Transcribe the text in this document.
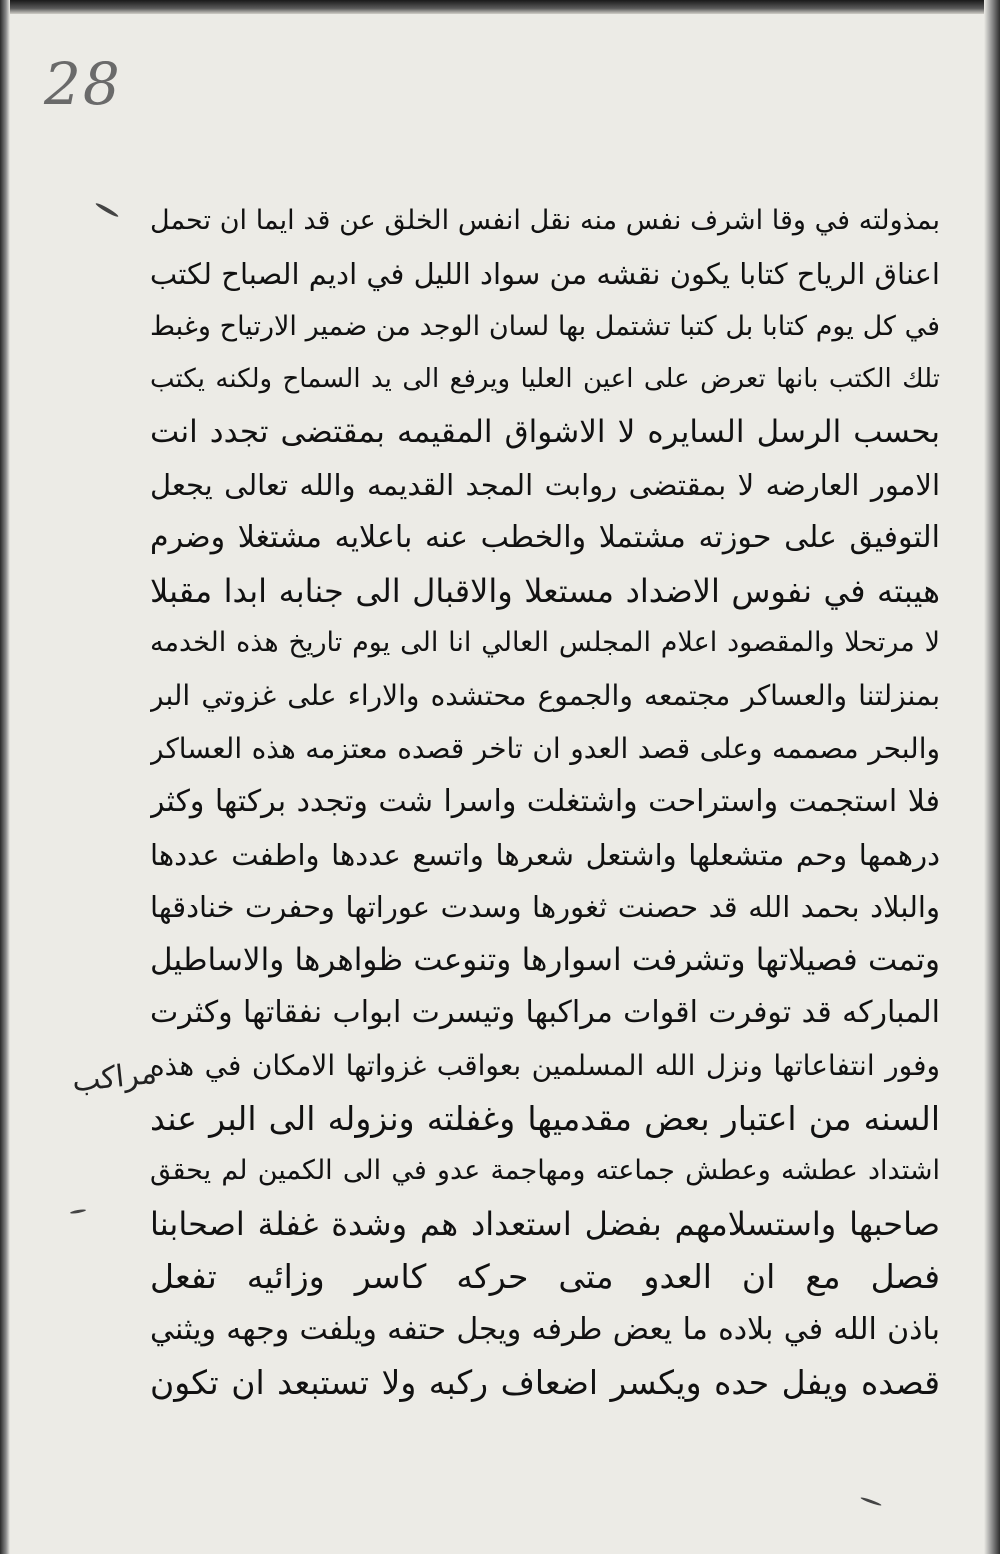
28
مراكب
بمذولته في وقا اشرف نفس منه نقل انفس الخلق عن قد ايما ان تحمل
اعناق الرياح كتابا يكون نقشه من سواد الليل في اديم الصباح لكتب
في كل يوم كتابا بل كتبا تشتمل بها لسان الوجد من ضمير الارتياح وغبط
تلك الكتب بانها تعرض على اعين العليا ويرفع الى يد السماح ولكنه يكتب
بحسب الرسل السايره لا الاشواق المقيمه بمقتضى تجدد انت
الامور العارضه لا بمقتضى روابت المجد القديمه والله تعالى يجعل
التوفيق على حوزته مشتملا والخطب عنه باعلايه مشتغلا وضرم
هيبته في نفوس الاضداد مستعلا والاقبال الى جنابه ابدا مقبلا
لا مرتحلا والمقصود اعلام المجلس العالي انا الى يوم تاريخ هذه الخدمه
بمنزلتنا والعساكر مجتمعه والجموع محتشده والاراء على غزوتي البر
والبحر مصممه وعلى قصد العدو ان تاخر قصده معتزمه هذه العساكر
فلا استجمت واستراحت واشتغلت واسرا شت وتجدد بركتها وكثر
درهمها وحم متشعلها واشتعل شعرها واتسع عددها واطفت عددها
والبلاد بحمد الله قد حصنت ثغورها وسدت عوراتها وحفرت خنادقها
وتمت فصيلاتها وتشرفت اسوارها وتنوعت ظواهرها والاساطيل
المباركه قد توفرت اقوات مراكبها وتيسرت ابواب نفقاتها وكثرت
وفور انتفاعاتها ونزل الله المسلمين بعواقب غزواتها الامكان في هذه
السنه من اعتبار بعض مقدميها وغفلته ونزوله الى البر عند
اشتداد عطشه وعطش جماعته ومهاجمة عدو في الى الكمين لم يحقق
صاحبها واستسلامهم بفضل استعداد هم وشدة غفلة اصحابنا
فصل مع ان العدو متى حركه كاسر وزائيه تفعل
باذن الله في بلاده ما يعض طرفه ويجل حتفه ويلفت وجهه ويثني
قصده ويفل حده ويكسر اضعاف ركبه ولا تستبعد ان تكون
